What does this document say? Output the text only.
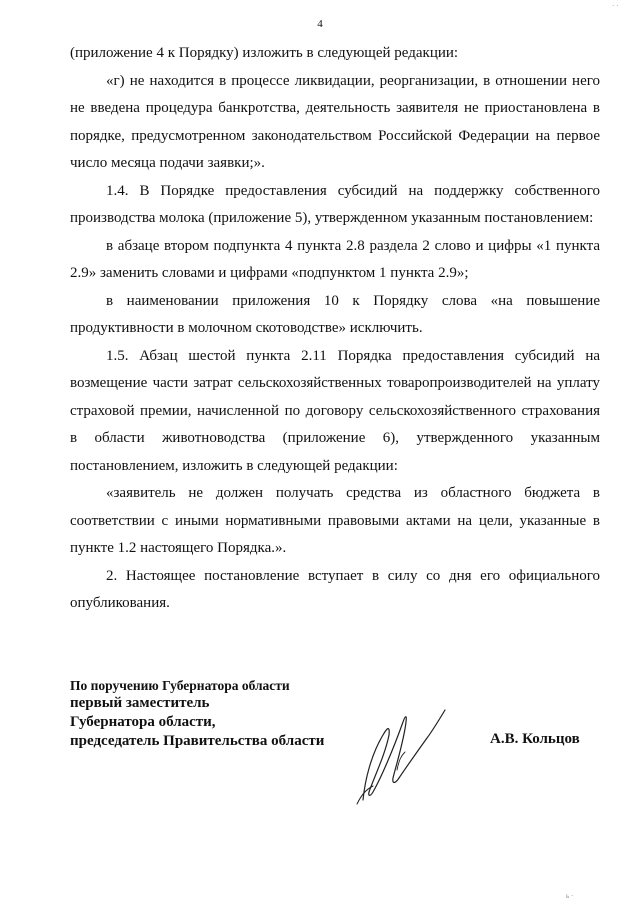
4

(приложение 4 к Порядку) изложить в следующей редакции:

«г) не находится в процессе ликвидации, реорганизации, в отношении него не введена процедура банкротства, деятельность заявителя не приостановлена в порядке, предусмотренном законодательством Российской Федерации на первое число месяца подачи заявки;».

1.4. В Порядке предоставления субсидий на поддержку собственного производства молока (приложение 5), утвержденном указанным постановлением:

в абзаце втором подпункта 4 пункта 2.8 раздела 2 слово и цифры «1 пункта 2.9» заменить словами и цифрами «подпунктом 1 пункта 2.9»;

в наименовании приложения 10 к Порядку слова «на повышение продуктивности в молочном скотоводстве» исключить.

1.5. Абзац шестой пункта 2.11 Порядка предоставления субсидий на возмещение части затрат сельскохозяйственных товаропроизводителей на уплату страховой премии, начисленной по договору сельскохозяйственного страхования в области животноводства (приложение 6), утвержденного указанным постановлением, изложить в следующей редакции:

«заявитель не должен получать средства из областного бюджета в соответствии с иными нормативными правовыми актами на цели, указанные в пункте 1.2 настоящего Порядка.».

2. Настоящее постановление вступает в силу со дня его официального опубликования.

По поручению Губернатора области
первый заместитель
Губернатора области,
председатель Правительства области	А.В. Кольцов
· ·
ь ·
